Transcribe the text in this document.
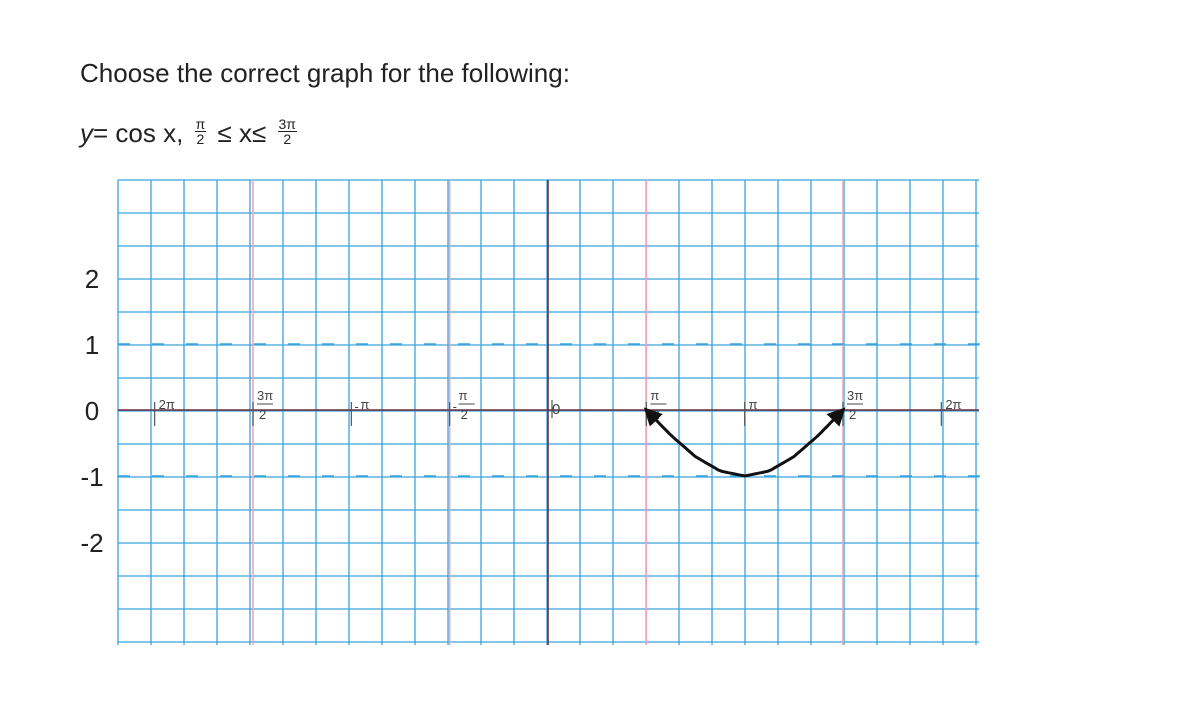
Choose the correct graph for the following:
y= cos x, $\frac{\pi}{2} \le x\le \frac{3\pi}{2}$
2
1
0
-1
-2
2π
3π
2
- π	-
π
2	0
π
2
π
3π
2
2π
